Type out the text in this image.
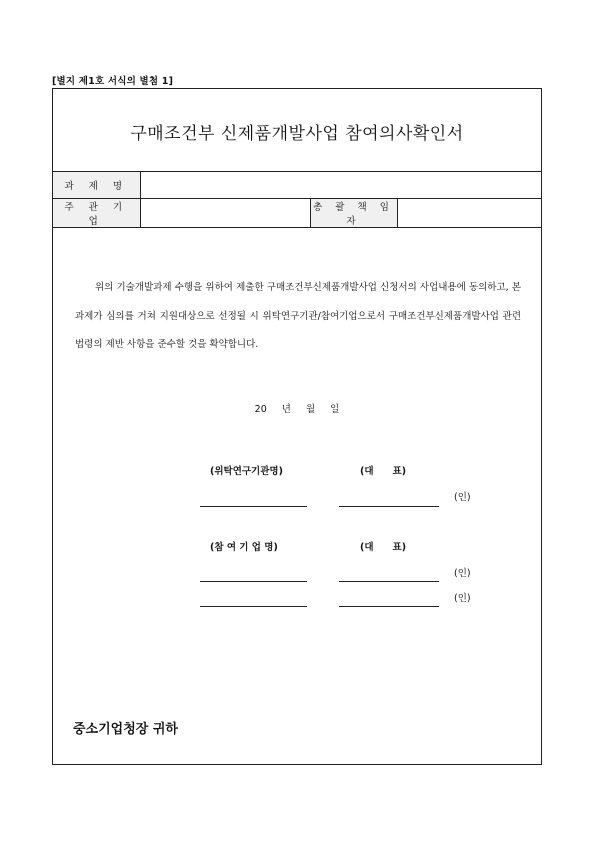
[별지 제1호 서식의 별첨 1]
구매조건부 신제품개발사업 참여의사확인서
과 제 명			
주 관 기 업		총 괄 책 임 자	
위의 기술개발과제 수행을 위하여 제출한 구매조건부신제품개발사업 신청서의 사업내용에 동의하고, 본 과제가 심의를 거쳐 지원대상으로 선정될 시 위탁연구기관/참여기업으로서 구매조건부신제품개발사업 관련법령의 제반 사항을 준수할 것을 확약합니다.
20 년 월 일
(위탁연구기관명)	(대　　표)
(인)
(참 여 기 업 명)	(대　　표)
(인)
(인)
중소기업청장 귀하
